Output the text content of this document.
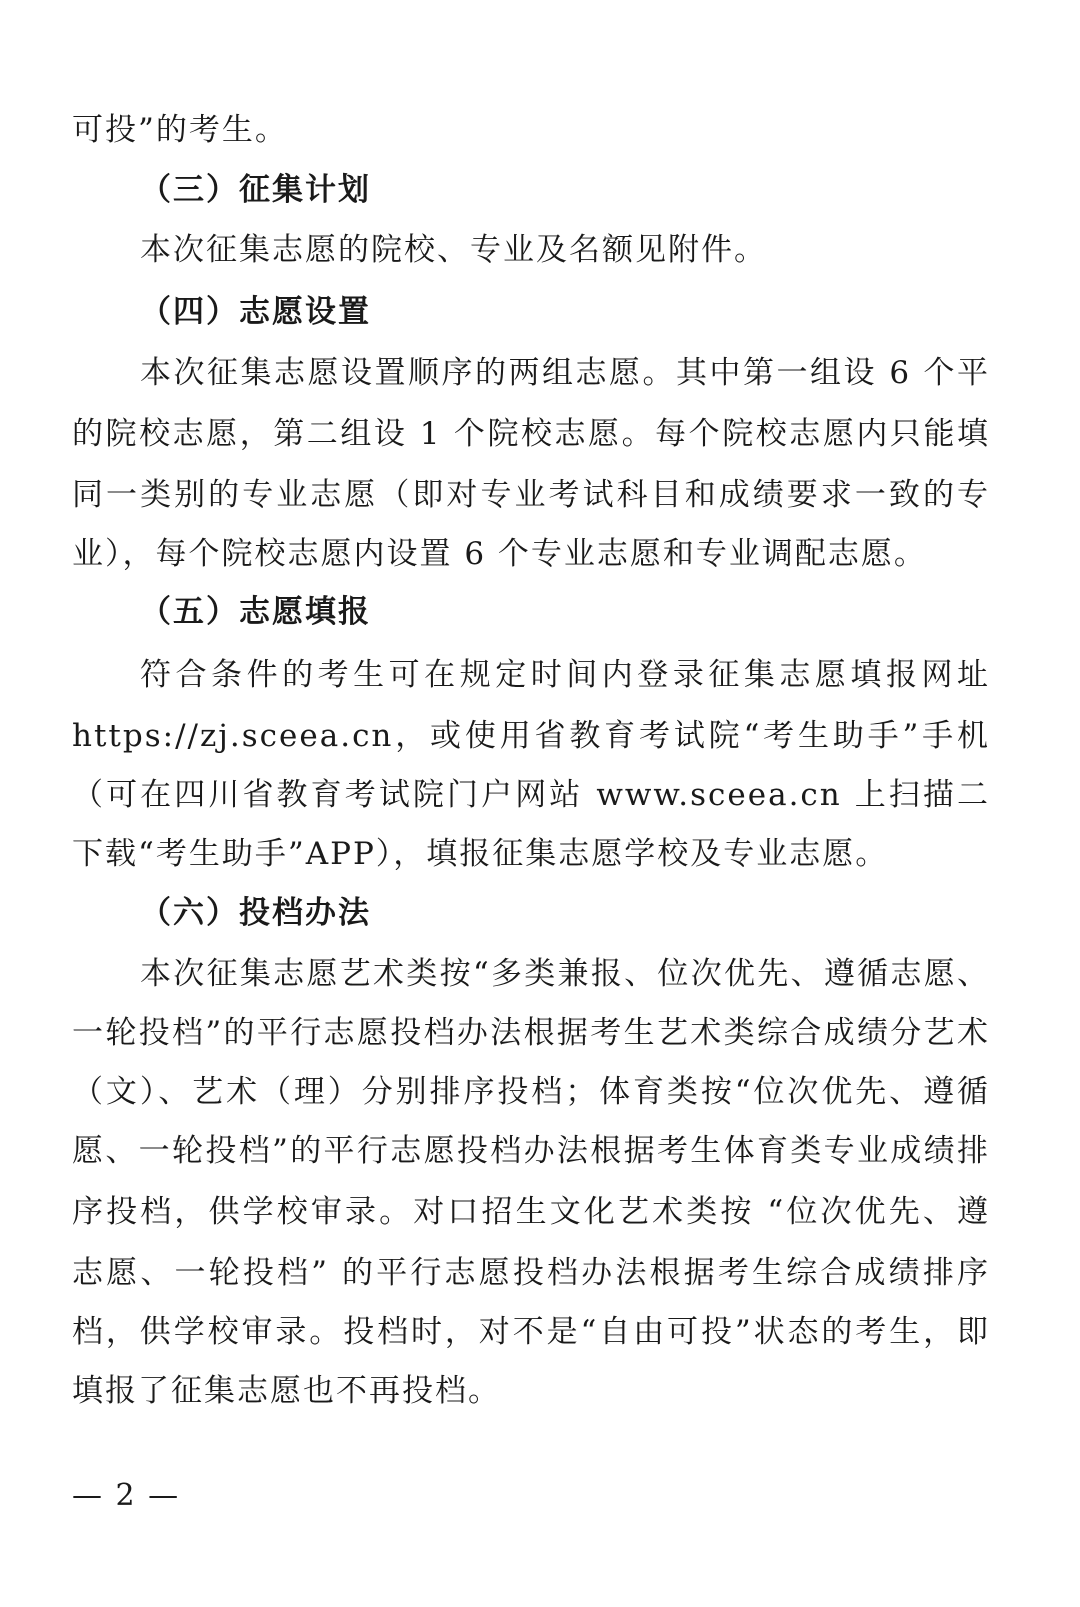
可投”的考生。
（三）征集计划
本次征集志愿的院校、专业及名额见附件。
（四）志愿设置
本次征集志愿设置顺序的两组志愿。其中第一组设 6 个平
的院校志愿，第二组设 1 个院校志愿。每个院校志愿内只能填
同一类别的专业志愿（即对专业考试科目和成绩要求一致的专
业），每个院校志愿内设置 6 个专业志愿和专业调配志愿。
（五）志愿填报
符合条件的考生可在规定时间内登录征集志愿填报网址
https://zj.sceea.cn，或使用省教育考试院“考生助手”手机
（可在四川省教育考试院门户网站 www.sceea.cn 上扫描二
下载“考生助手”APP），填报征集志愿学校及专业志愿。
（六）投档办法
本次征集志愿艺术类按“多类兼报、位次优先、遵循志愿、
一轮投档”的平行志愿投档办法根据考生艺术类综合成绩分艺术
（文）、艺术（理）分别排序投档；体育类按“位次优先、遵循
愿、一轮投档”的平行志愿投档办法根据考生体育类专业成绩排
序投档，供学校审录。对口招生文化艺术类按 “位次优先、遵
志愿、一轮投档” 的平行志愿投档办法根据考生综合成绩排序
档，供学校审录。投档时，对不是“自由可投”状态的考生，即
填报了征集志愿也不再投档。
— 2 —
